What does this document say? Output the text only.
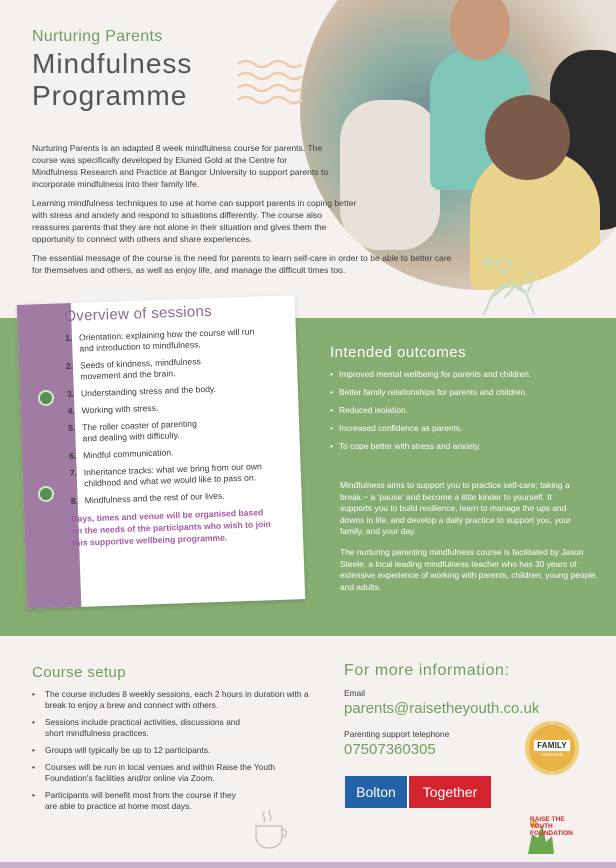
Nurturing Parents
Mindfulness
Programme

Nurturing Parents is an adapted 8 week mindfulness course for parents. The course was specifically developed by Eluned Gold at the Centre for Mindfulness Research and Practice at Bangor University to support parents to incorporate mindfulness into their family life.

Learning mindfulness techniques to use at home can support parents in coping better with stress and anxiety and respond to situations differently. The course also reassures parents that they are not alone in their situation and gives them the opportunity to connect with others and share experiences.

The essential message of the course is the need for parents to learn self-care in order to be able to better care for themselves and others, as well as enjoy life, and manage the difficult times too.

Overview of sessions
1. Orientation: explaining how the course will run and introduction to mindfulness.
2. Seeds of kindness, mindfulness movement and the brain.
3. Understanding stress and the body.
4. Working with stress.
5. The roller coaster of parenting and dealing with difficulty.
6. Mindful communication.
7. Inheritance tracks: what we bring from our own childhood and what we would like to pass on.
8. Mindfulness and the rest of our lives.
Days, times and venue will be organised based on the needs of the participants who wish to join this supportive wellbeing programme.
Intended outcomes
• Improved mental wellbeing for parents and children.
• Better family relationships for parents and children.
• Reduced isolation.
• Increased confidence as parents.
• To cope better with stress and anxiety.

Mindfulness aims to support you to practice self-care; taking a break ~ a ‘pause’ and become a little kinder to yourself. It supports you to build resilience, learn to manage the ups and downs in life, and develop a daily practice to support you, your family, and your day.

The nurturing parenting mindfulness course is facilitated by Jason Steele, a local leading mindfulness teacher who has 30 years of extensive experience of working with parents, children, young people, and adults.

Course setup
• The course includes 8 weekly sessions, each 2 hours in duration with a break to enjoy a brew and connect with others.
• Sessions include practical activities, discussions and short mindfulness practices.
• Groups will typically be up to 12 participants.
• Courses will be run in local venues and within Raise the Youth Foundation's facilities and/or online via Zoom.
• Participants will benefit most from the course if they are able to practice at home most days.
For more information:
Email
parents@raisetheyouth.co.uk
Parenting support telephone
07507360305	FAMILY
connected
Bolton	Together
RAISE THE YOUTH FOUNDATION
